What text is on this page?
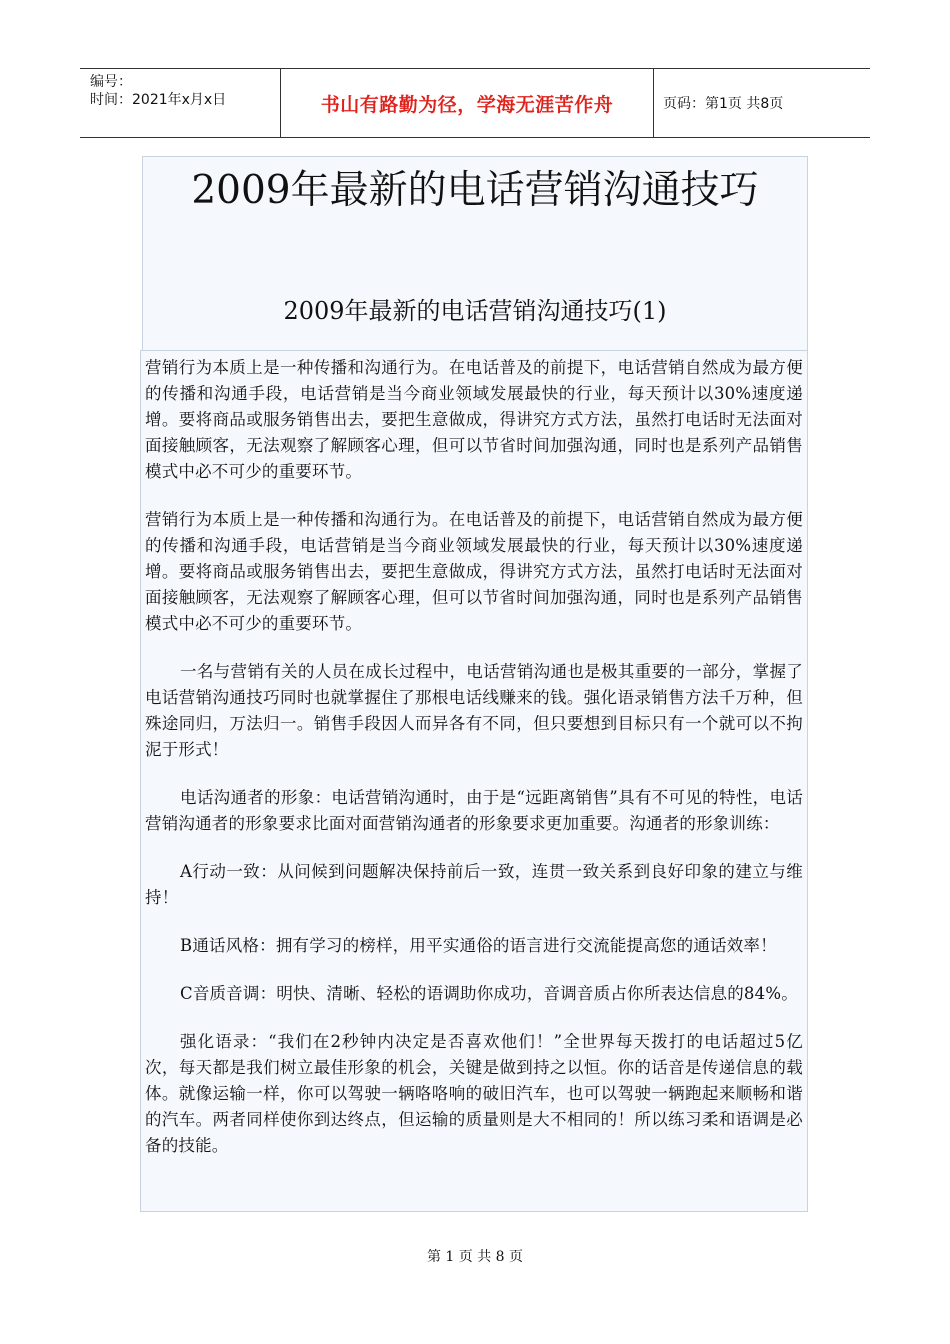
编号：
时间：2021年x月x日	书山有路勤为径，学海无涯苦作舟	页码：第1页 共8页
2009年最新的电话营销沟通技巧
2009年最新的电话营销沟通技巧(1)

营销行为本质上是一种传播和沟通行为。在电话普及的前提下，电话营销自然成为最方便的传播和沟通手段，电话营销是当今商业领域发展最快的行业，每天预计以30%速度递增。要将商品或服务销售出去，要把生意做成，得讲究方式方法，虽然打电话时无法面对面接触顾客，无法观察了解顾客心理，但可以节省时间加强沟通，同时也是系列产品销售模式中必不可少的重要环节。

营销行为本质上是一种传播和沟通行为。在电话普及的前提下，电话营销自然成为最方便的传播和沟通手段，电话营销是当今商业领域发展最快的行业，每天预计以30%速度递增。要将商品或服务销售出去，要把生意做成，得讲究方式方法，虽然打电话时无法面对面接触顾客，无法观察了解顾客心理，但可以节省时间加强沟通，同时也是系列产品销售模式中必不可少的重要环节。

一名与营销有关的人员在成长过程中，电话营销沟通也是极其重要的一部分，掌握了电话营销沟通技巧同时也就掌握住了那根电话线赚来的钱。强化语录销售方法千万种，但殊途同归，万法归一。销售手段因人而异各有不同，但只要想到目标只有一个就可以不拘泥于形式！

电话沟通者的形象：电话营销沟通时，由于是“远距离销售”具有不可见的特性，电话营销沟通者的形象要求比面对面营销沟通者的形象要求更加重要。沟通者的形象训练：

A行动一致：从问候到问题解决保持前后一致，连贯一致关系到良好印象的建立与维持！

B通话风格：拥有学习的榜样，用平实通俗的语言进行交流能提高您的通话效率！

C音质音调：明快、清晰、轻松的语调助你成功，音调音质占你所表达信息的84%。

强化语录：“我们在2秒钟内决定是否喜欢他们！”全世界每天拨打的电话超过5亿次，每天都是我们树立最佳形象的机会，关键是做到持之以恒。你的话音是传递信息的载体。就像运输一样，你可以驾驶一辆咯咯响的破旧汽车，也可以驾驶一辆跑起来顺畅和谐的汽车。两者同样使你到达终点，但运输的质量则是大不相同的！所以练习柔和语调是必备的技能。

第 1 页 共 8 页
